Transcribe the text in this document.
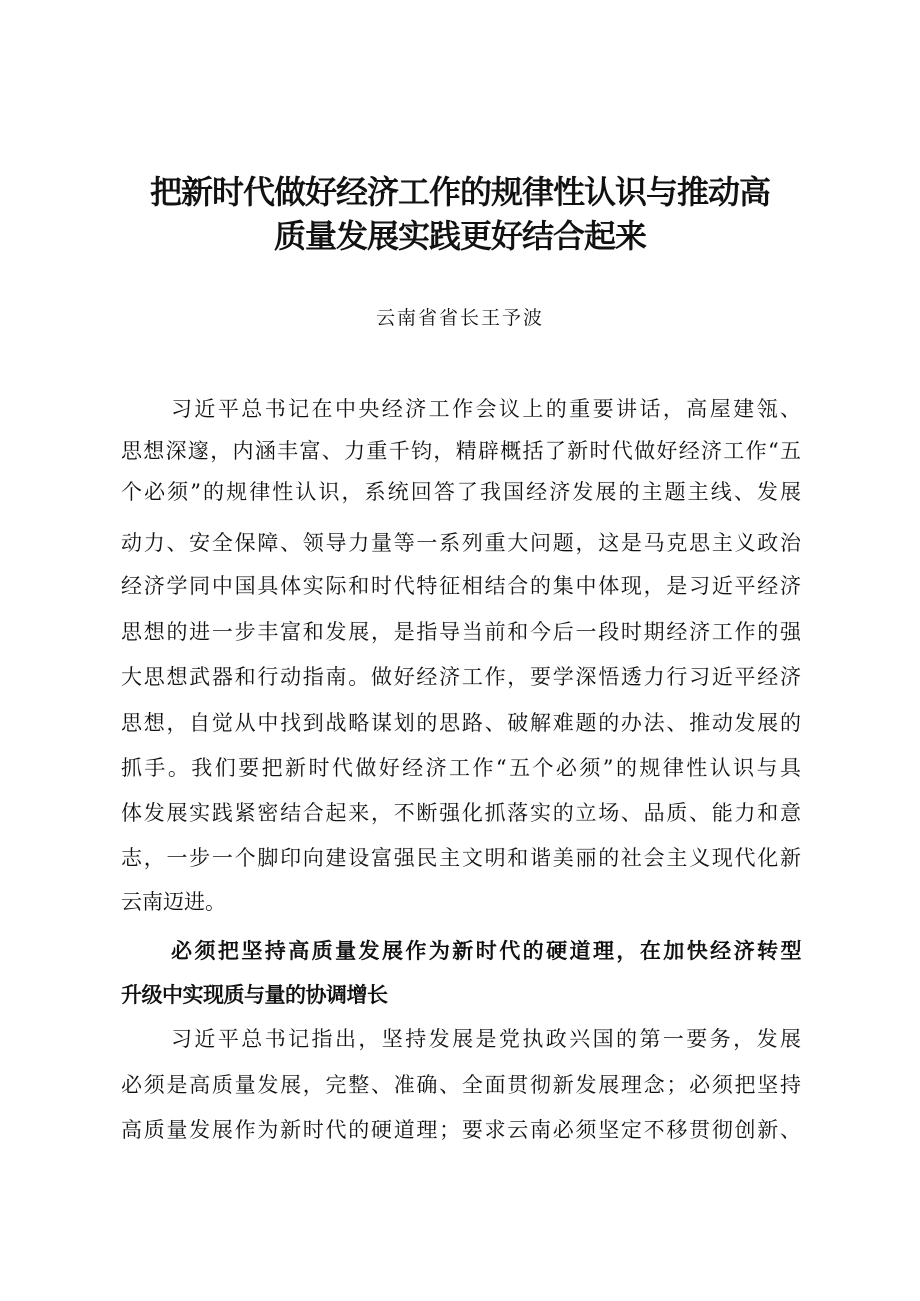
把新时代做好经济工作的规律性认识与推动高
质量发展实践更好结合起来

云南省省长王予波

习近平总书记在中央经济工作会议上的重要讲话，高屋建瓴、

思想深邃，内涵丰富、力重千钧，精辟概括了新时代做好经济工作“五

个必须”的规律性认识，系统回答了我国经济发展的主题主线、发展

动力、安全保障、领导力量等一系列重大问题，这是马克思主义政治

经济学同中国具体实际和时代特征相结合的集中体现，是习近平经济

思想的进一步丰富和发展，是指导当前和今后一段时期经济工作的强

大思想武器和行动指南。做好经济工作，要学深悟透力行习近平经济

思想，自觉从中找到战略谋划的思路、破解难题的办法、推动发展的

抓手。我们要把新时代做好经济工作“五个必须”的规律性认识与具

体发展实践紧密结合起来，不断强化抓落实的立场、品质、能力和意

志，一步一个脚印向建设富强民主文明和谐美丽的社会主义现代化新

云南迈进。

必须把坚持高质量发展作为新时代的硬道理，在加快经济转型
升级中实现质与量的协调增长

习近平总书记指出，坚持发展是党执政兴国的第一要务，发展

必须是高质量发展，完整、准确、全面贯彻新发展理念；必须把坚持

高质量发展作为新时代的硬道理；要求云南必须坚定不移贯彻创新、
